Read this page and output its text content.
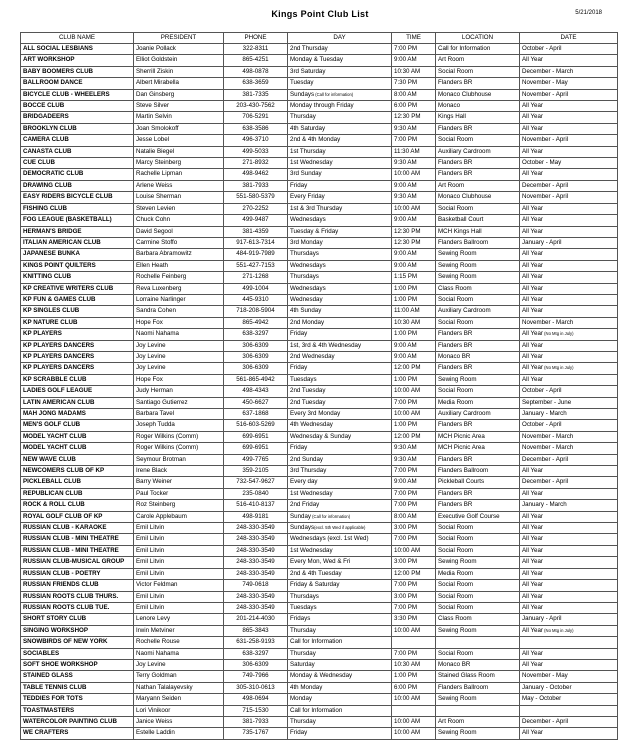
Kings Point Club List	5/21/2018
CLUB NAME	PRESIDENT	PHONE	DAY	TIME	LOCATION	DATE
ALL SOCIAL LESBIANS	Joanie Pollack	322-8311	2nd Thursday	7:00 PM	Call for Information	October - April
ART WORKSHOP	Elliot Goldstein	865-4251	Monday & Tuesday	9:00 AM	Art Room	All Year
BABY BOOMERS CLUB	Sherrill Ziskin	498-0878	3rd Saturday	10:30 AM	Social Room	December - March
BALLROOM DANCE	Albert Mirabella	638-3659	Tuesday	7:30 PM	Flanders BR	November - May
BICYCLE CLUB - WHEELERS	Dan Ginsberg	381-7335	Sundays (Call for information)	8:00 AM	Monaco Clubhouse	November - April
BOCCE CLUB	Steve Silver	203-430-7562	Monday through Friday	6:00 PM	Monaco	All Year
BRIDGADEERS	Martin Selvin	706-5291	Thursday	12:30 PM	Kings Hall	All Year
BROOKLYN CLUB	Joan Smolokoff	638-3586	4th Saturday	9:30 AM	Flanders BR	All Year
CAMERA CLUB	Jesse Lobel	496-3710	2nd & 4th Monday	7:00 PM	Social Room	November - April
CANASTA CLUB	Natalie Biegel	499-5033	1st Thursday	11:30 AM	Auxiliary Cardroom	All Year
CUE CLUB	Marcy Steinberg	271-8932	1st Wednesday	9:30 AM	Flanders BR	October - May
DEMOCRATIC CLUB	Rachelle Lipman	498-9462	3rd Sunday	10:00 AM	Flanders BR	All Year
DRAWING CLUB	Arlene Weiss	381-7933	Friday	9:00 AM	Art Room	December - April
EASY RIDERS BICYCLE CLUB	Louise Sherman	551-580-5379	Every Friday	9:30 AM	Monaco Clubhouse	November - April
FISHING CLUB	Steven Levien	270-2252	1st & 3rd Thursday	10:00 AM	Social Room	All Year
FOG LEAGUE (BASKETBALL)	Chuck Cohn	499-9487	Wednesdays	9:00 AM	Basketball Court	All Year
HERMAN'S BRIDGE	David Segool	381-4359	Tuesday & Friday	12:30 PM	MCH Kings Hall	All Year
ITALIAN AMERICAN CLUB	Carmine Stoffo	917-613-7314	3rd Monday	12:30 PM	Flanders Ballroom	January - April
JAPANESE BUNKA	Barbara Abramowitz	484-919-7989	Thursdays	9:00 AM	Sewing Room	All Year
KINGS POINT QUILTERS	Ellen Heath	551-427-7153	Wednesdays	9:00 AM	Sewing Room	All Year
KNITTING CLUB	Rochelle Feinberg	271-1268	Thursdays	1:15 PM	Sewing Room	All Year
KP CREATIVE WRITERS CLUB	Reva Luxenberg	499-1004	Wednesdays	1:00 PM	Class Room	All Year
KP FUN & GAMES CLUB	Lorraine Narlinger	445-9310	Wednesday	1:00 PM	Social Room	All Year
KP SINGLES CLUB	Sandra Cohen	718-208-5904	4th Sunday	11:00 AM	Auxiliary Cardroom	All Year
KP NATURE CLUB	Hope Fox	865-4942	2nd Monday	10:30 AM	Social Room	November - March
KP PLAYERS	Naomi Nahama	638-3297	Friday	1:00 PM	Flanders BR	All Year (No Mtg in July)
KP PLAYERS DANCERS	Joy Levine	306-6309	1st, 3rd & 4th Wednesday	9:00 AM	Flanders BR	All Year
KP PLAYERS DANCERS	Joy Levine	306-6309	2nd Wednesday	9:00 AM	Monaco BR	All Year
KP PLAYERS DANCERS	Joy Levine	306-6309	Friday	12:00 PM	Flanders BR	All Year (No Mtg in July)
KP SCRABBLE CLUB	Hope Fox	561-865-4942	Tuesdays	1:00 PM	Sewing Room	All Year
LADIES GOLF LEAGUE	Judy Herman	498-4343	2nd Tuesday	10:00 AM	Social Room	October - April
LATIN AMERICAN CLUB	Santiago Gutierrez	450-6627	2nd Tuesday	7:00 PM	Media Room	September - June
MAH JONG MADAMS	Barbara Tavel	637-1868	Every 3rd Monday	10:00 AM	Auxiliary Cardroom	January - March
MEN'S GOLF CLUB	Joseph Tudda	516-603-5269	4th Wednesday	1:00 PM	Flanders BR	October - April
MODEL YACHT CLUB	Roger Wilkins (Comm)	699-6951	Wednesday & Sunday	12:00 PM	MCH Picnic Area	November - March
MODEL YACHT CLUB	Roger Wilkins (Comm)	699-6951	Friday	9:30 AM	MCH Picnic Area	November - March
NEW WAVE CLUB	Seymour Brotman	499-7765	2nd Sunday	9:30 AM	Flanders BR	December - April
NEWCOMERS CLUB OF KP	Irene Black	359-2105	3rd Thursday	7:00 PM	Flanders Ballroom	All Year
PICKLEBALL CLUB	Barry Weiner	732-547-9627	Every day	9:00 AM	Pickleball Courts	December - April
REPUBLICAN CLUB	Paul Tocker	235-0840	1st Wednesday	7:00 PM	Flanders BR	All Year
ROCK & ROLL CLUB	Roz Steinberg	516-410-8137	2nd Friday	7:00 PM	Flanders BR	January - March
ROYAL GOLF CLUB OF KP	Carole Applebaum	498-9181	Sunday (Call for information)	8:00 AM	Executive Golf Course	All Year
RUSSIAN CLUB - KARAOKE	Emil Litvin	248-330-3549	Sundays(excl. 5th Wed if applicable)	3:00 PM	Social Room	All Year
RUSSIAN CLUB - MINI THEATRE	Emil Litvin	248-330-3549	Wednesdays (excl. 1st Wed)	7:00 PM	Social Room	All Year
RUSSIAN CLUB - MINI THEATRE	Emil Litvin	248-330-3549	1st Wednesday	10:00 AM	Social Room	All Year
RUSSIAN CLUB-MUSICAL GROUP	Emil Litvin	248-330-3549	Every Mon, Wed & Fri	3:00 PM	Sewing Room	All Year
RUSSIAN CLUB - POETRY	Emil Litvin	248-330-3549	2nd & 4th Tuesday	12:00 PM	Media Room	All Year
RUSSIAN FRIENDS CLUB	Victor Feldman	749-0618	Friday & Saturday	7:00 PM	Social Room	All Year
RUSSIAN ROOTS CLUB THURS.	Emil Litvin	248-330-3549	Thursdays	3:00 PM	Social Room	All Year
RUSSIAN ROOTS CLUB TUE.	Emil Litvin	248-330-3549	Tuesdays	7:00 PM	Social Room	All Year
SHORT STORY CLUB	Lenore Levy	201-214-4030	Fridays	3:30 PM	Class Room	January - April
SINGING WORKSHOP	Irwin Metviner	865-3843	Thursday	10:00 AM	Sewing Room	All Year (No Mtg in July)
SNOWBIRDS OF NEW YORK	Rochelle Rouse	631-258-9193	Call for Information			
SOCIABLES	Naomi Nahama	638-3297	Thursday	7:00 PM	Social Room	All Year
SOFT SHOE WORKSHOP	Joy Levine	306-6309	Saturday	10:30 AM	Monaco BR	All Year
STAINED GLASS	Terry Goldman	749-7966	Monday & Wednesday	1:00 PM	Stained Glass Room	November - May
TABLE TENNIS CLUB	Nathan Talalayevsky	305-310-0613	4th Monday	6:00 PM	Flanders Ballroom	January - October
TEDDIES FOR TOTS	Maryann Seiden	498-0694	Monday	10:00 AM	Sewing Room	May - October
TOASTMASTERS	Lori Vinikoor	715-1530	Call for Information			
WATERCOLOR PAINTING CLUB	Janice Weiss	381-7933	Thursday	10:00 AM	Art Room	December - April
WE CRAFTERS	Estelle Laddin	735-1767	Friday	10:00 AM	Sewing Room	All Year
